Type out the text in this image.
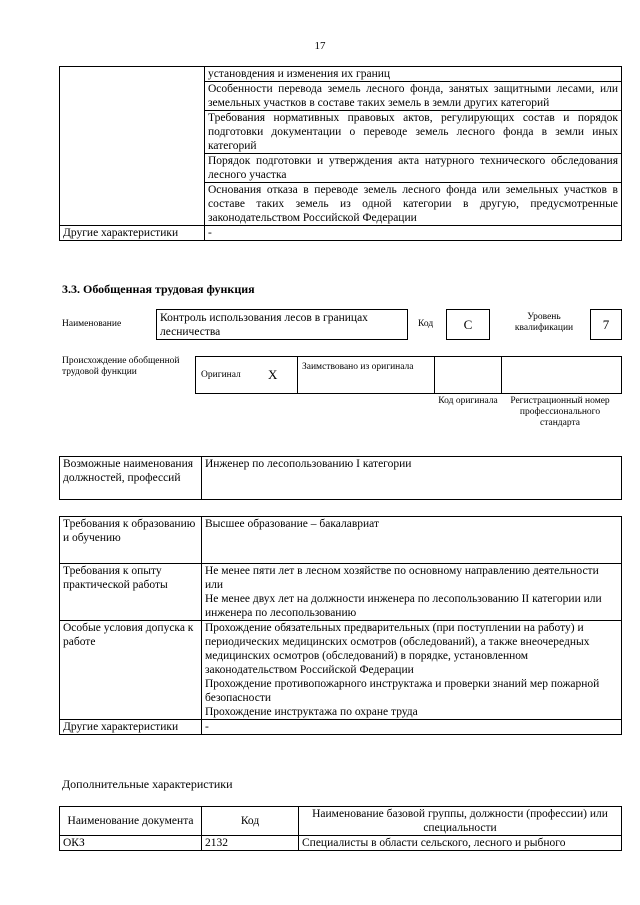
17
	установдения и изменения их границ
	Особенности перевода земель лесного фонда, занятых защитными лесами, или земельных участков в составе таких земель в земли других категорий
	Требования нормативных правовых актов, регулирующих состав и порядок подготовки документации о переводе земель лесного фонда в земли иных категорий
	Порядок подготовки и утверждения акта натурного технического обследования лесного участка
	Основания отказа в переводе земель лесного фонда или земельных участков в составе таких земель из одной категории в другую, предусмотренные законодательством Российской Федерации
Другие характеристики	-
3.3. Обобщенная трудовая функция
Наименование	Контроль использования лесов в границах лесничества
Код	C	Уровень квалификации	7
Происхождение обобщенной трудовой функции	Оригинал X	Заимствовано из оригинала
Код оригинала	Регистрационный номер профессионального стандарта
Возможные наименования должностей, профессий	Инженер по лесопользованию I категории
Требования к образованию и обучению	Высшее образование – бакалавриат
Требования к опыту практической работы	Не менее пяти лет в лесном хозяйстве по основному направлению деятельности
или
Не менее двух лет на должности инженера по лесопользованию II категории или инженера по лесопользованию

Особые условия допуска к работе	Прохождение обязательных предварительных (при поступлении на работу) и периодических медицинских осмотров (обследований), а также внеочередных медицинских осмотров (обследований) в порядке, установленном законодательством Российской Федерации
Прохождение противопожарного инструктажа и проверки знаний мер пожарной безопасности
Прохождение инструктажа по охране труда

Другие характеристики	-
Дополнительные характеристики
Наименование документа	Код	Наименование базовой группы, должности (профессии) или специальности
ОКЗ	2132	Специалисты в области сельского, лесного и рыбного
